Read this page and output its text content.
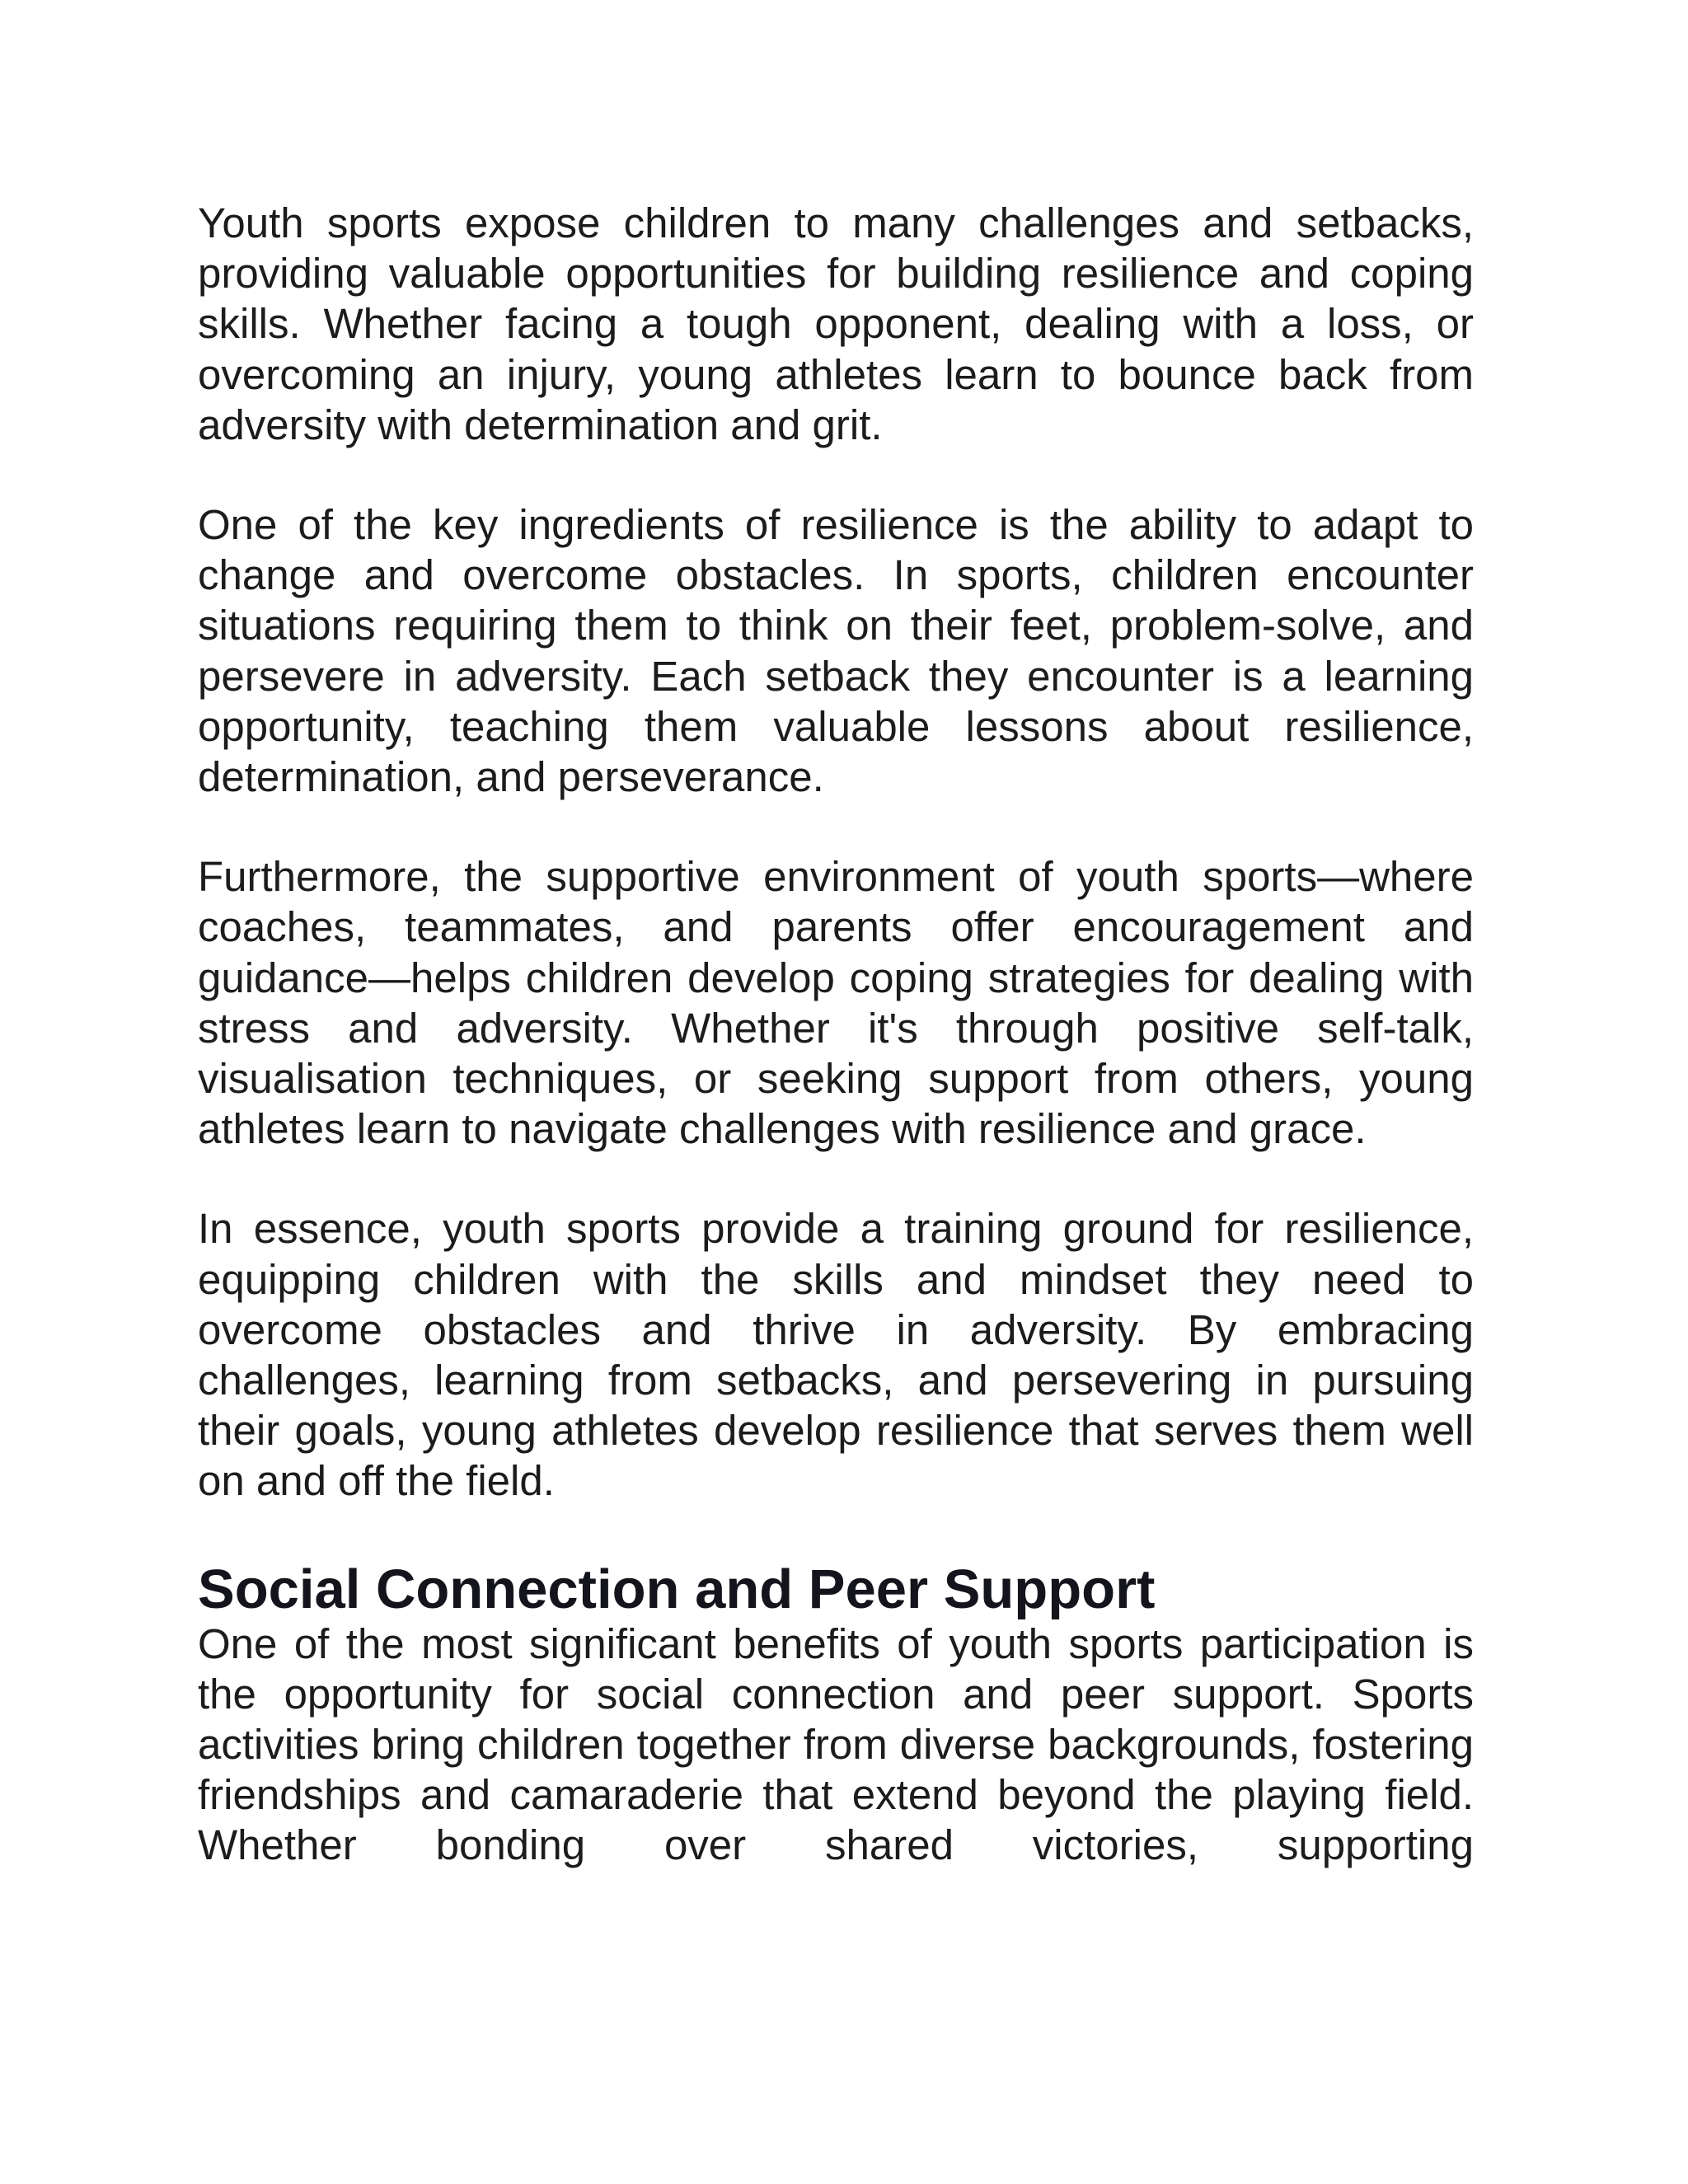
Youth sports expose children to many challenges and setbacks, providing valuable opportunities for building resilience and coping skills. Whether facing a tough opponent, dealing with a loss, or overcoming an injury, young athletes learn to bounce back from adversity with determination and grit.

One of the key ingredients of resilience is the ability to adapt to change and overcome obstacles. In sports, children encounter situations requiring them to think on their feet, problem-solve, and persevere in adversity. Each setback they encounter is a learning opportunity, teaching them valuable lessons about resilience, determination, and perseverance.

Furthermore, the supportive environment of youth sports—where coaches, teammates, and parents offer encouragement and guidance—helps children develop coping strategies for dealing with stress and adversity. Whether it's through positive self-talk, visualisation techniques, or seeking support from others, young athletes learn to navigate challenges with resilience and grace.

In essence, youth sports provide a training ground for resilience, equipping children with the skills and mindset they need to overcome obstacles and thrive in adversity. By embracing challenges, learning from setbacks, and persevering in pursuing their goals, young athletes develop resilience that serves them well on and off the field.

Social Connection and Peer Support

One of the most significant benefits of youth sports participation is the opportunity for social connection and peer support. Sports activities bring children together from diverse backgrounds, fostering friendships and camaraderie that extend beyond the playing field. Whether bonding over shared victories, supporting
